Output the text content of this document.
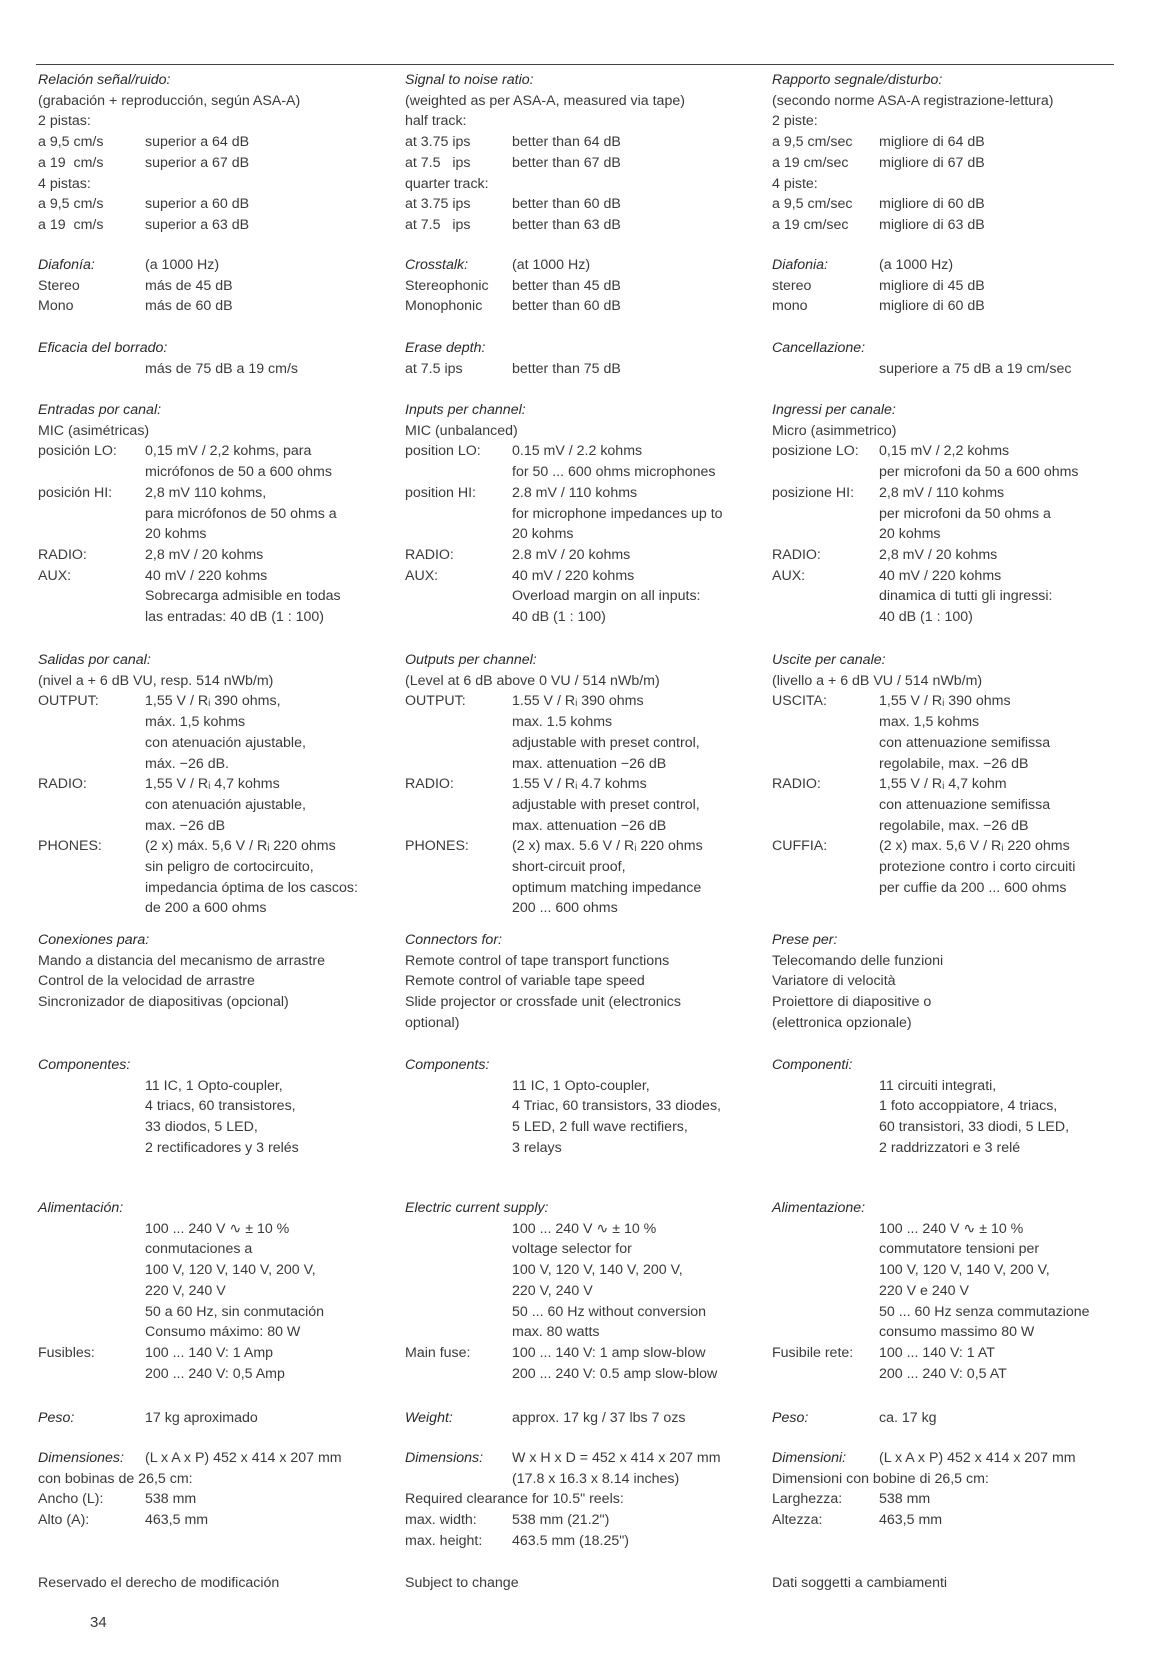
Relación señal/ruido:
(grabación + reproducción, según ASA-A)
2 pistas:
a 9,5 cm/s	superior a 64 dB
a 19  cm/s	superior a 67 dB
4 pistas:
a 9,5 cm/s	superior a 60 dB
a 19  cm/s	superior a 63 dB
Diafonía:	(a 1000 Hz)
Stereo	más de 45 dB
Mono	más de 60 dB
Eficacia del borrado:
más de 75 dB a 19 cm/s
Entradas por canal:
MIC (asimétricas)
posición LO:	0,15 mV / 2,2 kohms, para
micrófonos de 50 a 600 ohms
posición HI:	2,8 mV 110 kohms,
para micrófonos de 50 ohms a
20 kohms
RADIO:	2,8 mV / 20 kohms
AUX:	40 mV / 220 kohms
Sobrecarga admisible en todas
las entradas: 40 dB (1 : 100)
Salidas por canal:
(nivel a + 6 dB VU, resp. 514 nWb/m)
OUTPUT:	1,55 V / Rᵢ 390 ohms,
máx. 1,5 kohms
con atenuación ajustable,
máx. −26 dB.
RADIO:	1,55 V / Rᵢ 4,7 kohms
con atenuación ajustable,
max. −26 dB
PHONES:	(2 x) máx. 5,6 V / Rᵢ 220 ohms
sin peligro de cortocircuito,
impedancia óptima de los cascos:
de 200 a 600 ohms
Conexiones para:
Mando a distancia del mecanismo de arrastre
Control de la velocidad de arrastre
Sincronizador de diapositivas (opcional)
Componentes:
11 IC, 1 Opto-coupler,
4 triacs, 60 transistores,
33 diodos, 5 LED,
2 rectificadores y 3 relés
Alimentación:
100 ... 240 V ∿ ± 10 %
conmutaciones a
100 V, 120 V, 140 V, 200 V,
220 V, 240 V
50 a 60 Hz, sin conmutación
Consumo máximo: 80 W
Fusibles:	100 ... 140 V: 1 Amp
200 ... 240 V: 0,5 Amp
Peso:	17 kg aproximado
Dimensiones:	(L x A x P) 452 x 414 x 207 mm
con bobinas de 26,5 cm:
Ancho (L):	538 mm
Alto (A):	463,5 mm
Signal to noise ratio:
(weighted as per ASA-A, measured via tape)
half track:
at 3.75 ips	better than 64 dB
at 7.5   ips	better than 67 dB
quarter track:
at 3.75 ips	better than 60 dB
at 7.5   ips	better than 63 dB
Crosstalk:	(at 1000 Hz)
Stereophonic	better than 45 dB
Monophonic	better than 60 dB
Erase depth:
at 7.5 ips	better than 75 dB
Inputs per channel:
MIC (unbalanced)
position LO:	0.15 mV / 2.2 kohms
for 50 ... 600 ohms microphones
position HI:	2.8 mV / 110 kohms
for microphone impedances up to
20 kohms
RADIO:	2.8 mV / 20 kohms
AUX:	40 mV / 220 kohms
Overload margin on all inputs:
40 dB (1 : 100)
Outputs per channel:
(Level at 6 dB above 0 VU / 514 nWb/m)
OUTPUT:	1.55 V / Rᵢ 390 ohms
max. 1.5 kohms
adjustable with preset control,
max. attenuation −26 dB
RADIO:	1.55 V / Rᵢ 4.7 kohms
adjustable with preset control,
max. attenuation −26 dB
PHONES:	(2 x) max. 5.6 V / Rᵢ 220 ohms
short-circuit proof,
optimum matching impedance
200 ... 600 ohms
Connectors for:
Remote control of tape transport functions
Remote control of variable tape speed
Slide projector or crossfade unit (electronics
optional)
Components:
11 IC, 1 Opto-coupler,
4 Triac, 60 transistors, 33 diodes,
5 LED, 2 full wave rectifiers,
3 relays
Electric current supply:
100 ... 240 V ∿ ± 10 %
voltage selector for
100 V, 120 V, 140 V, 200 V,
220 V, 240 V
50 ... 60 Hz without conversion
max. 80 watts
Main fuse:	100 ... 140 V: 1 amp slow-blow
200 ... 240 V: 0.5 amp slow-blow
Weight:	approx. 17 kg / 37 lbs 7 ozs
Dimensions:	W x H x D = 452 x 414 x 207 mm
(17.8 x 16.3 x 8.14 inches)
Required clearance for 10.5" reels:
max. width:	538 mm (21.2")
max. height:	463.5 mm (18.25")
Rapporto segnale/disturbo:
(secondo norme ASA-A registrazione-lettura)
2 piste:
a 9,5 cm/sec	migliore di 64 dB
a 19 cm/sec	migliore di 67 dB
4 piste:
a 9,5 cm/sec	migliore di 60 dB
a 19 cm/sec	migliore di 63 dB
Diafonia:	(a 1000 Hz)
stereo	migliore di 45 dB
mono	migliore di 60 dB
Cancellazione:
superiore a 75 dB a 19 cm/sec
Ingressi per canale:
Micro (asimmetrico)
posizione LO:	0,15 mV / 2,2 kohms
per microfoni da 50 a 600 ohms
posizione HI:	2,8 mV / 110 kohms
per microfoni da 50 ohms a
20 kohms
RADIO:	2,8 mV / 20 kohms
AUX:	40 mV / 220 kohms
dinamica di tutti gli ingressi:
40 dB (1 : 100)
Uscite per canale:
(livello a + 6 dB VU / 514 nWb/m)
USCITA:	1,55 V / Rᵢ 390 ohms
max. 1,5 kohms
con attenuazione semifissa
regolabile, max. −26 dB
RADIO:	1,55 V / Rᵢ 4,7 kohm
con attenuazione semifissa
regolabile, max. −26 dB
CUFFIA:	(2 x) max. 5,6 V / Rᵢ 220 ohms
protezione contro i corto circuiti
per cuffie da 200 ... 600 ohms
Prese per:
Telecomando delle funzioni
Variatore di velocità
Proiettore di diapositive o
(elettronica opzionale)
Componenti:
11 circuiti integrati,
1 foto accoppiatore, 4 triacs,
60 transistori, 33 diodi, 5 LED,
2 raddrizzatori e 3 relé
Alimentazione:
100 ... 240 V ∿ ± 10 %
commutatore tensioni per
100 V, 120 V, 140 V, 200 V,
220 V e 240 V
50 ... 60 Hz senza commutazione
consumo massimo 80 W
Fusibile rete:	100 ... 140 V: 1 AT
200 ... 240 V: 0,5 AT
Peso:	ca. 17 kg
Dimensioni:	(L x A x P) 452 x 414 x 207 mm
Dimensioni con bobine di 26,5 cm:
Larghezza:	538 mm
Altezza:	463,5 mm
Reservado el derecho de modificación	Subject to change	Dati soggetti a cambiamenti
34
